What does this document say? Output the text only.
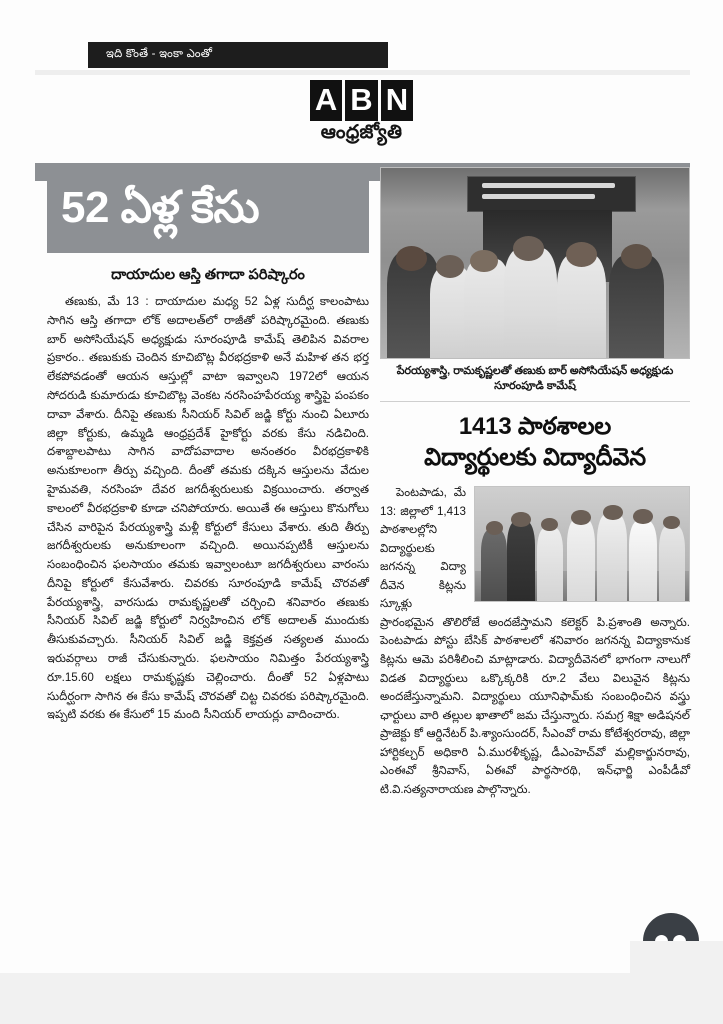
ఇది కొంతే - ఇంకా ఎంతో
A B N
ఆంధ్రజ్యోతి
52 ఏళ్ల కేసు
దాయాదుల ఆస్తి తగాదా పరిష్కారం
తణుకు, మే 13 : దాయాదుల మధ్య 52 ఏళ్ల సుదీర్ఘ కాలంపాటు సాగిన ఆస్తి తగాదా లోక్ అదాలత్‌లో రాజీతో పరిష్కారమైంది. తణుకు బార్ అసోసియేషన్ అధ్యక్షుడు సూరంపూడి కామేష్ తెలిపిన వివరాల ప్రకారం.. తణుకుకు చెందిన కూచిబొట్ల వీరభద్రకాళి అనే మహిళ తన భర్త లేకపోవడంతో ఆయన ఆస్తుల్లో వాటా ఇవ్వాలని 1972లో ఆయన సోదరుడి కుమారుడు కూచిబొట్ల వెంకట నరసింహపేరయ్య శాస్త్రిపై పంపకం దావా వేశారు. దీనిపై తణుకు సీనియర్ సివిల్ జడ్జి కోర్టు నుంచి ఏలూరు జిల్లా కోర్టుకు, ఉమ్మడి ఆంధ్రప్రదేశ్ హైకోర్టు వరకు కేసు నడిచింది. దశాబ్దాలపాటు సాగిన వాదోపవాదాల అనంతరం వీరభద్రకాళికి అనుకూలంగా తీర్పు వచ్చింది. దీంతో తమకు దక్కిన ఆస్తులను వేదుల హైమవతి, నరసింహ దేవర జగదీశ్వరులుకు విక్రయించారు. తర్వాత కాలంలో వీరభద్రకాళి కూడా చనిపోయారు. అయితే ఈ ఆస్తులు కొనుగోలు చేసిన వారిపైన పేరయ్యశాస్త్రి మళ్లీ కోర్టులో కేసులు వేశారు. తుది తీర్పు జగదీశ్వరులకు అనుకూలంగా వచ్చింది. అయినప్పటికీ ఆస్తులను సంబంధించిన ఫలసాయం తమకు ఇవ్వాలంటూ జగదీశ్వరులు వారంసు దీనిపై కోర్టులో కేసువేశారు. చివరకు సూరంపూడి కామేష్ చొరవతో పేరయ్యశాస్త్రి, వారసుడు రామకృష్ణలతో చర్చించి శనివారం తణుకు సీనియర్ సివిల్ జడ్జి కోర్టులో నిర్వహించిన లోక్ అదాలత్ ముందుకు తీసుకువచ్చారు. సీనియర్ సివిల్ జడ్జి కెక్తవ్రత సత్యలత ముందు ఇరువర్గాలు రాజీ చేసుకున్నారు. ఫలసాయం నిమిత్తం పేరయ్యశాస్త్రి రూ.15.60 లక్షలు రామకృష్ణకు చెల్లించారు. దీంతో 52 ఏళ్లపాటు సుదీర్ఘంగా సాగిన ఈ కేసు కామేష్ చొరవతో చిట్ట చివరకు పరిష్కారమైంది. ఇప్పటి వరకు ఈ కేసులో 15 మంది సీనియర్ లాయర్లు వాదించారు.
పేరయ్యశాస్త్రి, రామకృష్ణలతో తణుకు బార్ అసోసియేషన్ అధ్యక్షుడు సూరంపూడి కామేష్
1413 పాఠశాలల
విద్యార్థులకు విద్యాదీవెన
పెంటపాడు, మే 13: జిల్లాలో 1,413 పాఠశాలల్లోని విద్యార్థులకు జగనన్న విద్యా దీవెన కిట్లను స్కూళ్లు ప్రారంభమైన తొలిరోజే అందజేస్తామని కలెక్టర్ పి.ప్రశాంతి అన్నారు. పెంటపాడు పోస్టు బేసిక్ పాఠశాలలో శనివారం జగనన్న విద్యాకానుక కిట్లను ఆమె పరిశీలించి మాట్లాడారు. విద్యాదీవెనలో భాగంగా నాలుగో విడత విద్యార్థులు ఒక్కొక్కరికి రూ.2 వేలు విలువైన కిట్లను అందజేస్తున్నామని. విద్యార్థులు యూనిఫామ్‌కు సంబంధించిన వస్త్రు ఛార్టులు వారి తల్లుల ఖాతాలో జమ చేస్తున్నారు. సమగ్ర శిక్షా అడిషనల్ ప్రాజెక్టు కో ఆర్డినేటర్ పి.శ్యాంసుందర్, సీఎంవో రామ కోటేశ్వరరావు, జిల్లా హార్టికల్చర్ అధికారి ఏ.మురళీకృష్ణ, డీఎంహెచ్‌వో మల్లికార్జునరావు, ఎంఈవో శ్రీనివాస్, ఏఈవో పార్థసారథి, ఇన్‌ఛార్జి ఎంపీడీవో టి.వి.సత్యనారాయణ పాల్గొన్నారు.
